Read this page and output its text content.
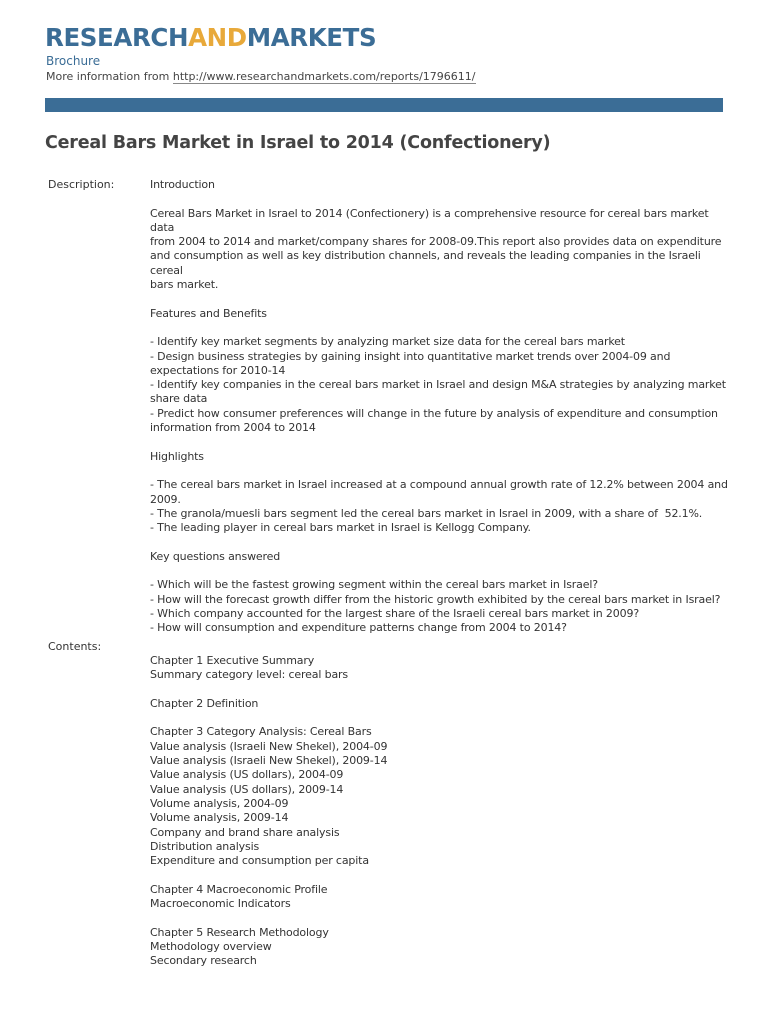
RESEARCHANDMARKETS
Brochure
More information from http://www.researchandmarkets.com/reports/1796611/
Cereal Bars Market in Israel to 2014 (Confectionery)
Description:	Introduction

Cereal Bars Market in Israel to 2014 (Confectionery) is a comprehensive resource for cereal bars market data
from 2004 to 2014 and market/company shares for 2008-09.This report also provides data on expenditure
and consumption as well as key distribution channels, and reveals the leading companies in the Israeli cereal
bars market.

Features and Benefits

- Identify key market segments by analyzing market size data for the cereal bars market
- Design business strategies by gaining insight into quantitative market trends over 2004-09 and
expectations for 2010-14
- Identify key companies in the cereal bars market in Israel and design M&A strategies by analyzing market
share data
- Predict how consumer preferences will change in the future by analysis of expenditure and consumption
information from 2004 to 2014

Highlights

- The cereal bars market in Israel increased at a compound annual growth rate of 12.2% between 2004 and
2009.
- The granola/muesli bars segment led the cereal bars market in Israel in 2009, with a share of  52.1%.
- The leading player in cereal bars market in Israel is Kellogg Company.

Key questions answered

- Which will be the fastest growing segment within the cereal bars market in Israel?
- How will the forecast growth differ from the historic growth exhibited by the cereal bars market in Israel?
- Which company accounted for the largest share of the Israeli cereal bars market in 2009?
- How will consumption and expenditure patterns change from 2004 to 2014?

Contents:

Chapter 1 Executive Summary
Summary category level: cereal bars

Chapter 2 Definition

Chapter 3 Category Analysis: Cereal Bars
Value analysis (Israeli New Shekel), 2004-09
Value analysis (Israeli New Shekel), 2009-14
Value analysis (US dollars), 2004-09
Value analysis (US dollars), 2009-14
Volume analysis, 2004-09
Volume analysis, 2009-14
Company and brand share analysis
Distribution analysis
Expenditure and consumption per capita

Chapter 4 Macroeconomic Profile
Macroeconomic Indicators

Chapter 5 Research Methodology
Methodology overview
Secondary research
